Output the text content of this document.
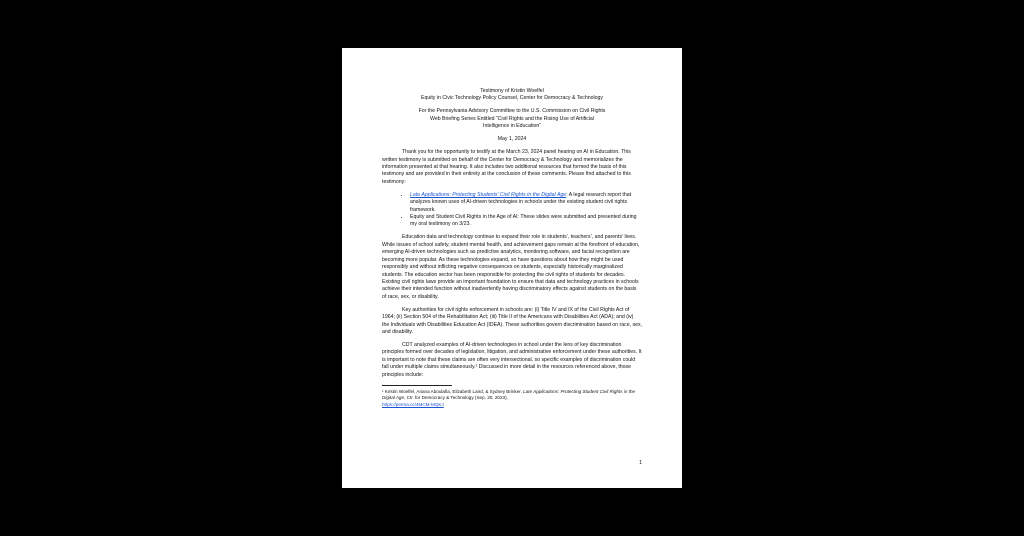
Testimony of Kristin Woelfel
Equity in Civic Technology Policy Counsel, Center for Democracy & Technology
For the Pennsylvania Advisory Committee to the U.S. Commission on Civil Rights
Web Briefing Series Entitled “Civil Rights and the Rising Use of Artificial
Intelligence in Education”
May 1, 2024

Thank you for the opportunity to testify at the March 23, 2024 panel hearing on AI in Education. This written testimony is submitted on behalf of the Center for Democracy & Technology and memorializes the information presented at that hearing. It also includes two additional resources that formed the basis of this testimony and are provided in their entirety at the conclusion of these comments. Please find attached to this testimony:

• Late Applications: Protecting Students’ Civil Rights in the Digital Age: A legal research report that analyzes known uses of AI-driven technologies in schools under the existing student civil rights framework.
• Equity and Student Civil Rights in the Age of AI: These slides were submitted and presented during my oral testimony on 3/23.

Education data and technology continue to expand their role in students’, teachers’, and parents’ lives. While issues of school safety, student mental health, and achievement gaps remain at the forefront of education, emerging AI-driven technologies such as predictive analytics, monitoring software, and facial recognition are becoming more popular. As these technologies expand, so have questions about how they might be used responsibly and without inflicting negative consequences on students, especially historically marginalized students. The education sector has been responsible for protecting the civil rights of students for decades. Existing civil rights laws provide an important foundation to ensure that data and technology practices in schools achieve their intended function without inadvertently having discriminatory effects against students on the basis of race, sex, or disability.

Key authorities for civil rights enforcement in schools are: (i) Title IV and IX of the Civil Rights Act of 1964; (ii) Section 504 of the Rehabilitation Act; (iii) Title II of the Americans with Disabilities Act (ADA); and (iv) the Individuals with Disabilities Education Act (IDEA). These authorities govern discrimination based on race, sex, and disability.

CDT analyzed examples of AI-driven technologies in school under the lens of key discrimination principles formed over decades of legislation, litigation, and administrative enforcement under these authorities. It is important to note that these claims are often very intersectional, so specific examples of discrimination could fall under multiple claims simultaneously.¹ Discussed in more detail in the resources referenced above, those principles include:

¹ Kristin Woelfel, Ariana Aboulafia, Elizabeth Laird, & Sydney Brinker, Late Applications: Protecting Student Civil Rights in the Digital Age, Ctr. for Democracy & Technology (Sep. 20, 2023),
https://perma.cc/4MCM-MQKJ
1
